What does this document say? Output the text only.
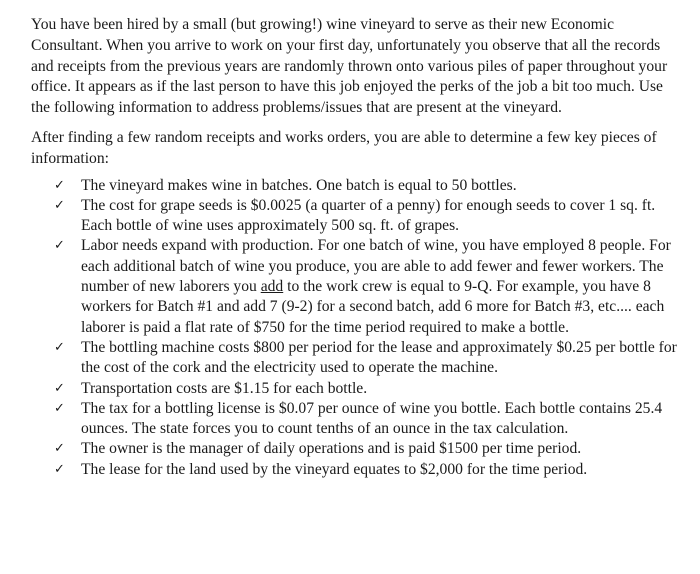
You have been hired by a small (but growing!) wine vineyard to serve as their new Economic Consultant. When you arrive to work on your first day, unfortunately you observe that all the records and receipts from the previous years are randomly thrown onto various piles of paper throughout your office. It appears as if the last person to have this job enjoyed the perks of the job a bit too much. Use the following information to address problems/issues that are present at the vineyard.

After finding a few random receipts and works orders, you are able to determine a few key pieces of information:

✓ The vineyard makes wine in batches. One batch is equal to 50 bottles.
✓ The cost for grape seeds is $0.0025 (a quarter of a penny) for enough seeds to cover 1 sq. ft. Each bottle of wine uses approximately 500 sq. ft. of grapes.
✓ Labor needs expand with production. For one batch of wine, you have employed 8 people. For each additional batch of wine you produce, you are able to add fewer and fewer workers. The number of new laborers you add to the work crew is equal to 9-Q. For example, you have 8 workers for Batch #1 and add 7 (9-2) for a second batch, add 6 more for Batch #3, etc.... each laborer is paid a flat rate of $750 for the time period required to make a bottle.
✓ The bottling machine costs $800 per period for the lease and approximately $0.25 per bottle for the cost of the cork and the electricity used to operate the machine.
✓ Transportation costs are $1.15 for each bottle.
✓ The tax for a bottling license is $0.07 per ounce of wine you bottle. Each bottle contains 25.4 ounces. The state forces you to count tenths of an ounce in the tax calculation.
✓ The owner is the manager of daily operations and is paid $1500 per time period.
✓ The lease for the land used by the vineyard equates to $2,000 for the time period.
